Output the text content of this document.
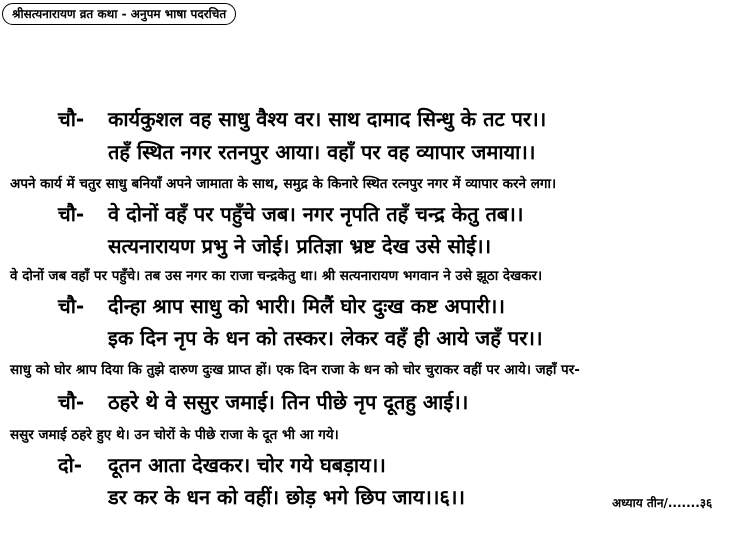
श्रीसत्यनारायण व्रत कथा - अनुपम भाषा पदरचित
चौ- कार्यकुशल वह साधु वैश्य वर। साथ दामाद सिन्धु के तट पर।।
तहँ स्थित नगर रतनपुर आया। वहाँ पर वह व्यापार जमाया।।
अपने कार्य में चतुर साधु बनियाँ अपने जामाता के साथ, समुद्र के किनारे स्थित रत्नपुर नगर में व्यापार करने लगा।
चौ- वे दोनों वहँ पर पहुँचे जब। नगर नृपति तहँ चन्द्र केतु तब।।
सत्यनारायण प्रभु ने जोई। प्रतिज्ञा भ्रष्ट देख उसे सोई।।
वे दोनों जब वहाँ पर पहुँचे। तब उस नगर का राजा चन्द्रकेतु था। श्री सत्यनारायण भगवान ने उसे झूठा देखकर।
चौ- दीन्हा श्राप साधु को भारी। मिलैं घोर दुःख कष्ट अपारी।।
इक दिन नृप के धन को तस्कर। लेकर वहँ ही आये जहँ पर।।
साधु को घोर श्राप दिया कि तुझे दारुण दुःख प्राप्त हों। एक दिन राजा के धन को चोर चुराकर वहीं पर आये। जहाँ पर-
चौ- ठहरे थे वे ससुर जमाई। तिन पीछे नृप दूतहु आई।।
ससुर जमाई ठहरे हुए थे। उन चोरों के पीछे राजा के दूत भी आ गये।
दो- दूतन आता देखकर। चोर गये घबड़ाय।।
डर कर के धन को वहीं। छोड़ भगे छिप जाय।।६।।	अध्याय तीन/.......३६
